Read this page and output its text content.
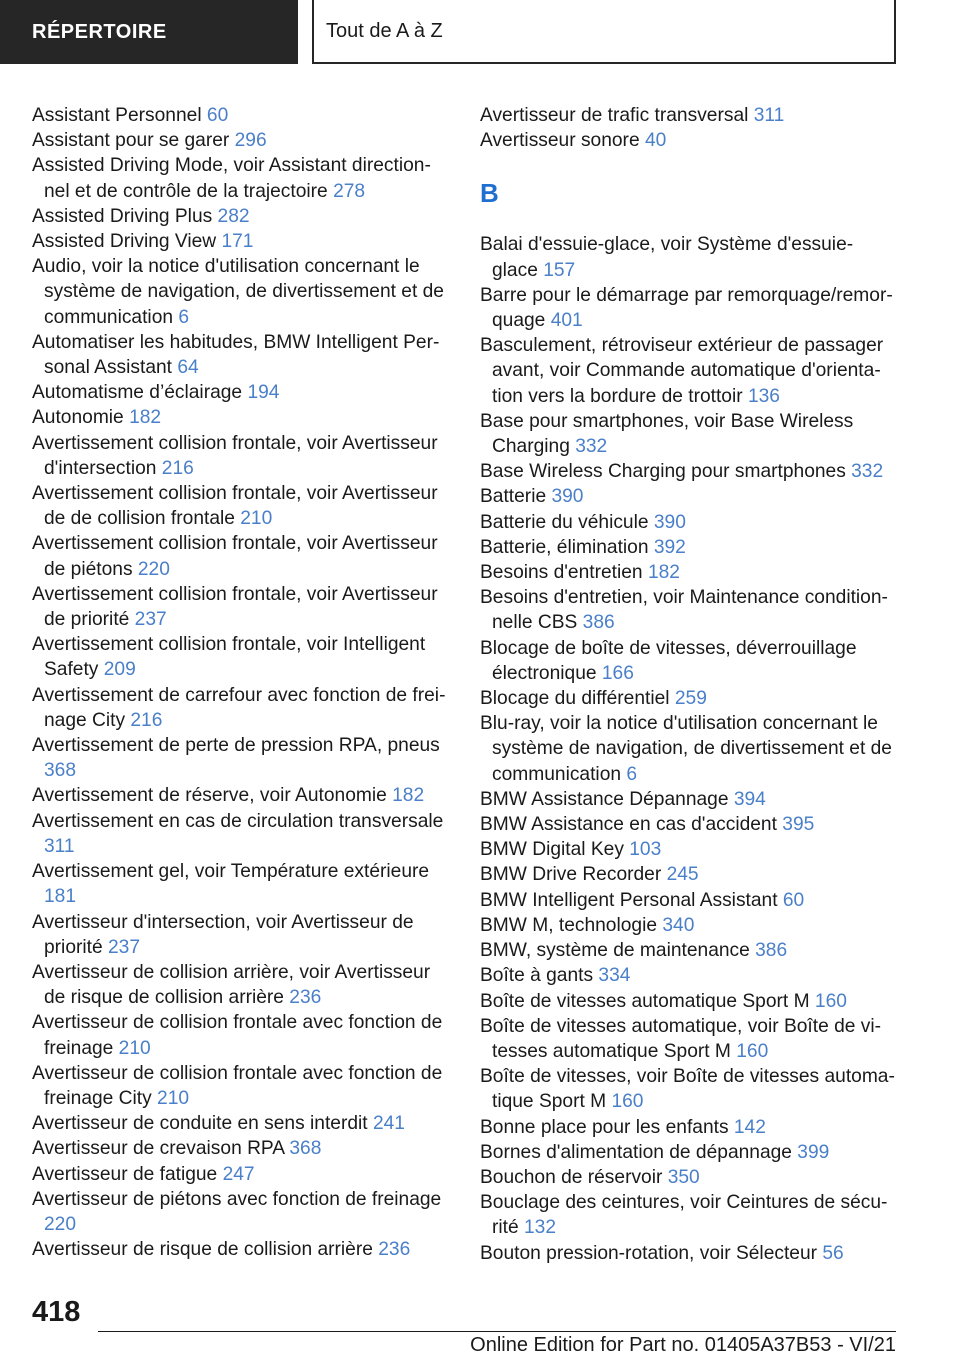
RÉPERTOIRE	Tout de A à Z
Assistant Personnel 60
Assistant pour se garer 296
Assisted Driving Mode, voir Assistant directionnel et de contrôle de la trajectoire 278
Assisted Driving Plus 282
Assisted Driving View 171
Audio, voir la notice d'utilisation concernant le système de navigation, de divertissement et de communication 6
Automatiser les habitudes, BMW Intelligent Personal Assistant 64
Automatisme d’éclairage 194
Autonomie 182
Avertissement collision frontale, voir Avertisseur d'intersection 216
Avertissement collision frontale, voir Avertisseur de de collision frontale 210
Avertissement collision frontale, voir Avertisseur de piétons 220
Avertissement collision frontale, voir Avertisseur de priorité 237
Avertissement collision frontale, voir Intelligent Safety 209
Avertissement de carrefour avec fonction de freinage City 216
Avertissement de perte de pression RPA, pneus 368
Avertissement de réserve, voir Autonomie 182
Avertissement en cas de circulation transversale 311
Avertissement gel, voir Température extérieure 181
Avertisseur d'intersection, voir Avertisseur de priorité 237
Avertisseur de collision arrière, voir Avertisseur de risque de collision arrière 236
Avertisseur de collision frontale avec fonction de freinage 210
Avertisseur de collision frontale avec fonction de freinage City 210
Avertisseur de conduite en sens interdit 241
Avertisseur de crevaison RPA 368
Avertisseur de fatigue 247
Avertisseur de piétons avec fonction de freinage 220
Avertisseur de risque de collision arrière 236
Avertisseur de trafic transversal 311
Avertisseur sonore 40
B
Balai d'essuie-glace, voir Système d'essuie-glace 157
Barre pour le démarrage par remorquage/remorquage 401
Basculement, rétroviseur extérieur de passager avant, voir Commande automatique d'orientation vers la bordure de trottoir 136
Base pour smartphones, voir Base Wireless Charging 332
Base Wireless Charging pour smartphones 332
Batterie 390
Batterie du véhicule 390
Batterie, élimination 392
Besoins d'entretien 182
Besoins d'entretien, voir Maintenance conditionnelle CBS 386
Blocage de boîte de vitesses, déverrouillage électronique 166
Blocage du différentiel 259
Blu-ray, voir la notice d'utilisation concernant le système de navigation, de divertissement et de communication 6
BMW Assistance Dépannage 394
BMW Assistance en cas d'accident 395
BMW Digital Key 103
BMW Drive Recorder 245
BMW Intelligent Personal Assistant 60
BMW M, technologie 340
BMW, système de maintenance 386
Boîte à gants 334
Boîte de vitesses automatique Sport M 160
Boîte de vitesses automatique, voir Boîte de vitesses automatique Sport M 160
Boîte de vitesses, voir Boîte de vitesses automatique Sport M 160
Bonne place pour les enfants 142
Bornes d'alimentation de dépannage 399
Bouchon de réservoir 350
Bouclage des ceintures, voir Ceintures de sécurité 132
Bouton pression-rotation, voir Sélecteur 56
418
Online Edition for Part no. 01405A37B53 - VI/21
